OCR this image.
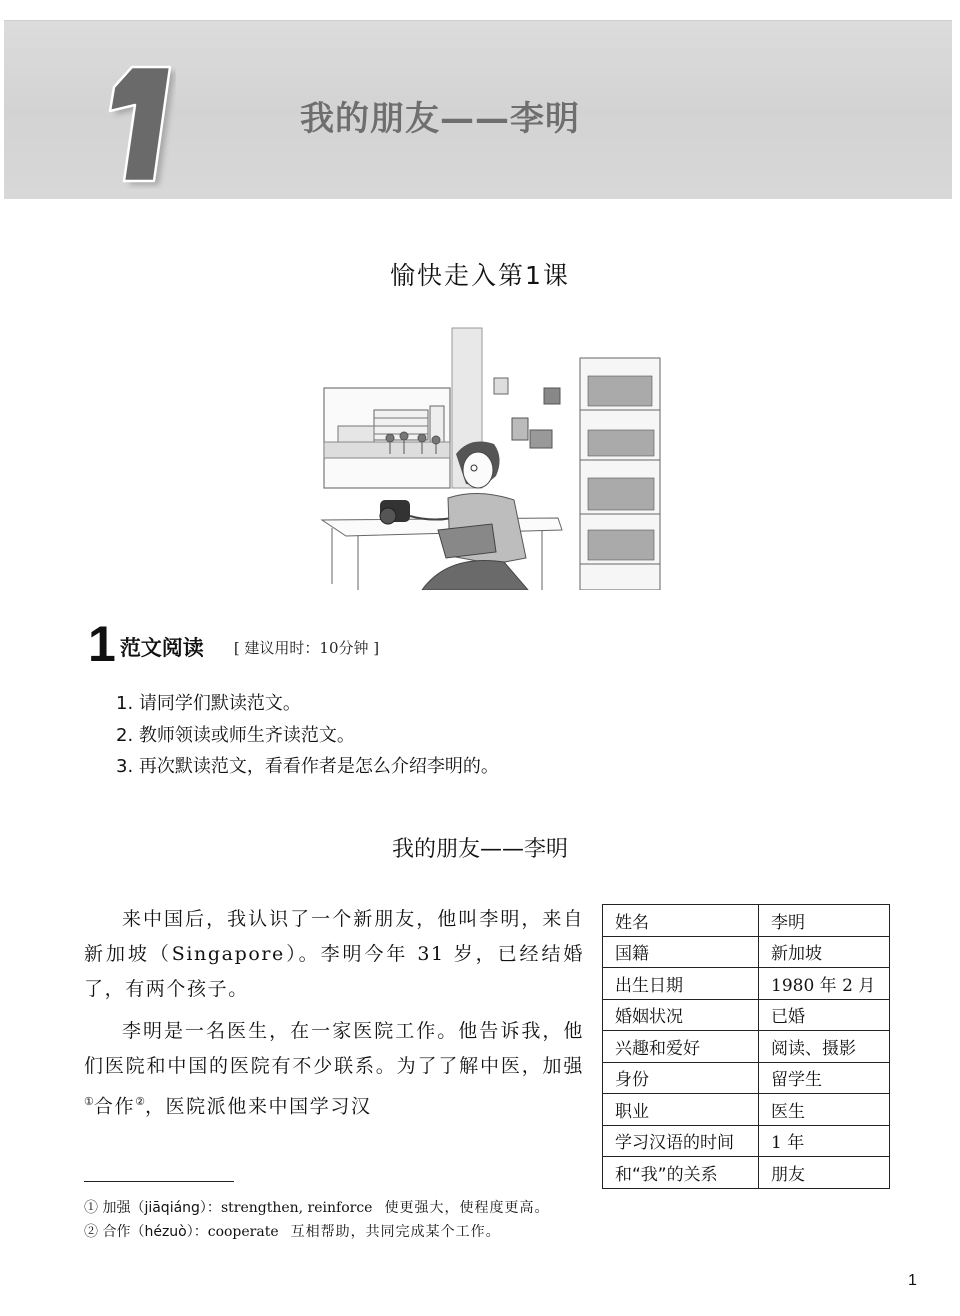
我的朋友——李明
愉快走入第1课
1 范文阅读 [ 建议用时：10分钟 ]
1. 请同学们默读范文。
2. 教师领读或师生齐读范文。
3. 再次默读范文，看看作者是怎么介绍李明的。
我的朋友——李明

来中国后，我认识了一个新朋友，他叫李明，来自新加坡（Singapore）。李明今年 31 岁，已经结婚了，有两个孩子。

李明是一名医生，在一家医院工作。他告诉我，他们医院和中国的医院有不少联系。为了了解中医，加强①合作②，医院派他来中国学习汉

姓名	李明
国籍	新加坡
出生日期	1980 年 2 月
婚姻状况	已婚
兴趣和爱好	阅读、摄影
身份	留学生
职业	医生
学习汉语的时间	1 年
和“我”的关系	朋友
① 加强（jiāqiáng）：strengthen, reinforce 使更强大，使程度更高。
② 合作（hézuò）：cooperate 互相帮助，共同完成某个工作。
1
